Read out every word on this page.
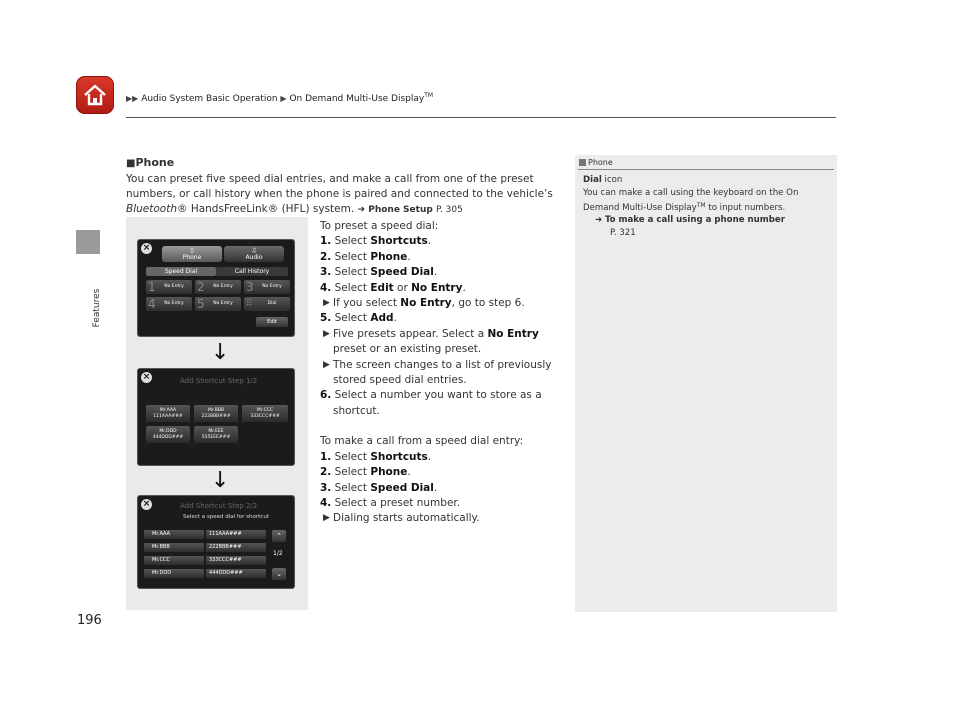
▶▶ Audio System Basic Operation ▶ On Demand Multi-Use Display™
Features
196
■Phone
You can preset five speed dial entries, and make a call from one of the preset numbers, or call history when the phone is paired and connected to the vehicle’s Bluetooth® HandsFreeLink® (HFL) system. ➜ Phone Setup P. 305
×	▯
Phone
♫
Audio
Speed Dial	Call History
1	No Entry	2	No Entry	3	No Entry
4	No Entry	5	No Entry	⠿	Dial
Edit
↓
×	Add Shortcut Step 1/2
Mr.AAA
111AAA###
Mr.BBB
222BBB###
Mr.CCC
333CCC###
Mr.DDD
444DDD###
Mr.EEE
555EEE###
↓
×	Add Shortcut Step 2/2
Select a speed dial for shortcut
Mr.AAA	111AAA###
Mr.BBB	222BBB###
Mr.CCC	333CCC###
Mr.DDD	444DDD###
⌃
1/2
⌄
To preset a speed dial:
1. Select Shortcuts.
2. Select Phone.
3. Select Speed Dial.
4. Select Edit or No Entry.
▶ If you select No Entry, go to step 6.
5. Select Add.
▶ Five presets appear. Select a No Entry preset or an existing preset.
▶ The screen changes to a list of previously stored speed dial entries.
6. Select a number you want to store as a shortcut.
To make a call from a speed dial entry:
1. Select Shortcuts.
2. Select Phone.
3. Select Speed Dial.
4. Select a preset number.
▶ Dialing starts automatically.
Phone
Dial icon
You can make a call using the keyboard on the On Demand Multi-Use Display™ to input numbers.
➜ To make a call using a phone number
P. 321
